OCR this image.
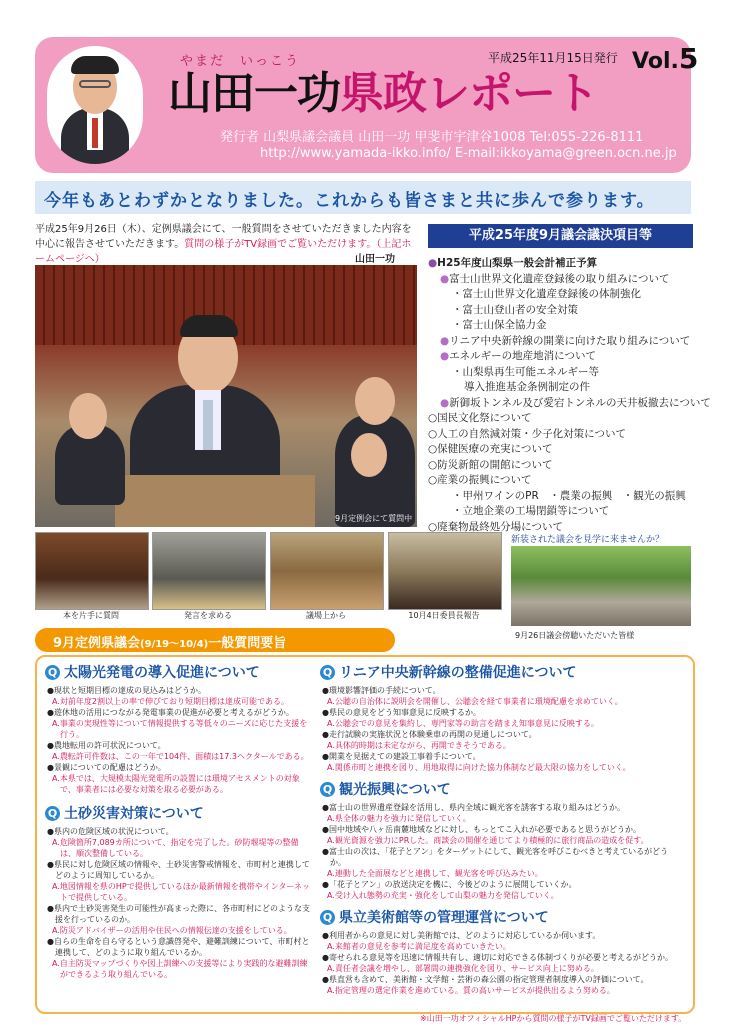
やまだ　いっこう
山田一功県政レポート
平成25年11月15日発行 Vol.5
発行者 山梨県議会議員 山田一功 甲斐市宇津谷1008 Tel:055-226-8111
http://www.yamada-ikko.info/ E-mail:ikkoyama@green.ocn.ne.jp
今年もあとわずかとなりました。これからも皆さまと共に歩んで参ります。
平成25年9月26日（木）、定例県議会にて、一般質問をさせていただきました内容を中心に報告させていただきます。質問の様子がTV録画でご覧いただけます。（上記ホームページへ）	山田一功
平成25年度9月議会議決項目等
●H25年度山梨県一般会計補正予算
●富士山世界文化遺産登録後の取り組みについて
・富士山世界文化遺産登録後の体制強化
・富士山登山者の安全対策
・富士山保全協力金
●リニア中央新幹線の開業に向けた取り組みについて
●エネルギーの地産地消について
・山梨県再生可能エネルギー等
導入推進基金条例制定の件
●新御坂トンネル及び愛宕トンネルの天井板撤去について
○国民文化祭について
○人工の自然減対策・少子化対策について
○保健医療の充実について
○防災新館の開館について
○産業の振興について
・甲州ワインのPR　・農業の振興　・観光の振興
・立地企業の工場閉鎖等について
○廃棄物最終処分場について
9月定例会にて質問中
本を片手に質問	発言を求める	議場上から	10月4日委員長報告
新装された議会を見学に来ませんか？
9月26日議会傍聴いただいた皆様
9月定例県議会(9/19～10/4)一般質問要旨
Q 太陽光発電の導入促進について
●現状と短期目標の達成の見込みはどうか。
A.対前年度2割以上の率で伸びており短期目標は達成可能である。
●遊休地の活用につながる発電事業の促進が必要と考えるがどうか。
A.事業の実現性等について情報提供する等低々のニーズに応じた支援を行う。
●農地転用の許可状況について。
A.農転許可件数は、この一年で104件、面積は17.3ヘクタールである。
●景観についての配慮はどうか。
A.本県では、大規模太陽光発電所の設置には環境アセスメントの対象で、事業者には必要な対策を取る必要がある。
Q 土砂災害対策について
●県内の危険区域の状況について。
A.危険箇所7,089カ所について、指定を完了した。砂防堰堤等の整備は、順次整備している。
●県民に対し危険区域の情報や、土砂災害警戒情報を、市町村と連携してどのように周知しているか。
A.地図情報を県のHPで提供しているほか最新情報を携帯やインターネットで提供している。
●県内で土砂災害発生の可能性が高まった際に、各市町村にどのような支援を行っているのか。
A.防災アドバイザーの活用や住民への情報伝達の支援をしている。
●自らの生命を自ら守るという意識啓発や、避難訓練について、市町村と連携して、どのように取り組んでいるか。
A.自主防災マップづくりや図上訓練への支援等により実践的な避難訓練ができるよう取り組んでいる。
Q リニア中央新幹線の整備促進について
●環境影響評価の手続について。
A.公聴の自治体に説明会を開催し、公聴会を経て事業者に環境配慮を求めていく。
●県民の意見をどう知事意見に反映するか。
A.公聴会での意見を集約し、専門家等の助言を踏まえ知事意見に反映する。
●走行試験の実施状況と体験乗車の再開の見通しについて。
A.具体的時期は未定ながら、再開できそうである。
●開業を見据えての建設工事着手について。
A.関係市町と連携を図り、用地取得に向けた協力体制など最大限の協力をしていく。
Q 観光振興について
●富士山の世界遺産登録を活用し、県内全域に観光客を誘客する取り組みはどうか。
A.県全体の魅力を強力に発信していく。
●国中地域や八ヶ岳南麓地域などに対し、もっとてこ入れが必要であると思うがどうか。
A.観光資源を強力にPRした。商談会の開催を通じてより積極的に旅行商品の造成を促す。
●富士山の次は、「花子とアン」をターゲットにして、観光客を呼びこむべきと考えているがどうか。
A.連動した全面展などと連携して、観光客を呼び込みたい。
●「花子とアン」の放送決定を機に、今後どのように展開していくか。
A.受け入れ態勢の充実・強化をして山梨の魅力を発信していく。
Q 県立美術館等の管理運営について
●利用者からの意見に対し美術館では、どのように対応しているか伺います。
A.来館者の意見を参考に満足度を高めていきたい。
●寄せられる意見等を迅速に情報共有し、適切に対応できる体制づくりが必要と考えるがどうか。
A.責任者会議を増やし、部署間の連携強化を図り、サービス向上に努める。
●県直営も含めて、美術館・文学館・芸術の森公園の指定管理者制度導入の評価について。
A.指定管理の選定作業を進めている。質の高いサービスが提供出るよう努める。
※山田一功オフィシャルHPから質問の様子がTV録画でご覧いただけます。
